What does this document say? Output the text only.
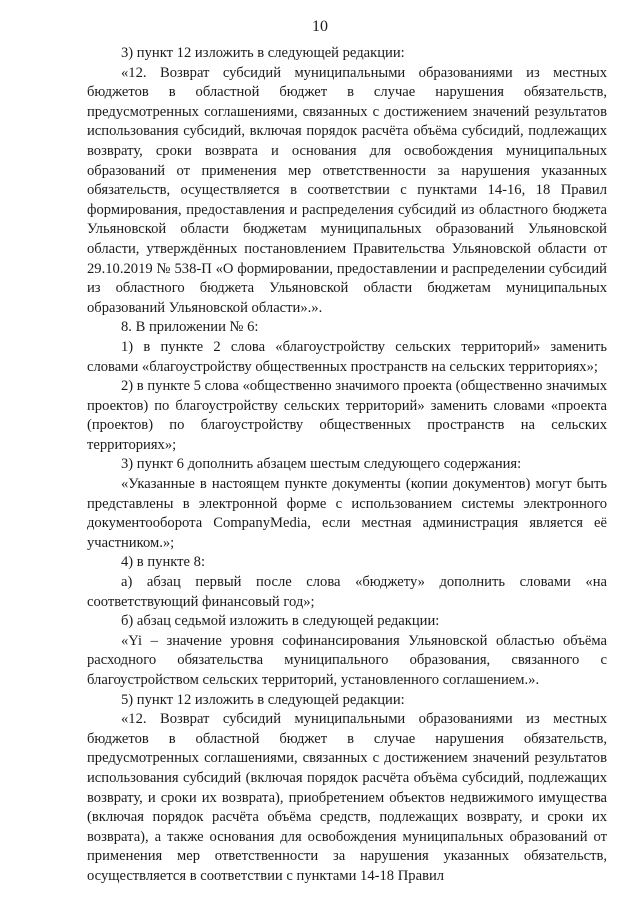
10

3) пункт 12 изложить в следующей редакции:

«12. Возврат субсидий муниципальными образованиями из местных бюджетов в областной бюджет в случае нарушения обязательств, предусмотренных соглашениями, связанных с достижением значений результатов использования субсидий, включая порядок расчёта объёма субсидий, подлежащих возврату, сроки возврата и основания для освобождения муниципальных образований от применения мер ответственности за нарушения указанных обязательств, осуществляется в соответствии с пунктами 14-16, 18 Правил формирования, предоставления и распределения субсидий из областного бюджета Ульяновской области бюджетам муниципальных образований Ульяновской области, утверждённых постановлением Правительства Ульяновской области от 29.10.2019 № 538-П «О формировании, предоставлении и распределении субсидий из областного бюджета Ульяновской области бюджетам муниципальных образований Ульяновской области».».

8. В приложении № 6:

1) в пункте 2 слова «благоустройству сельских территорий» заменить словами «благоустройству общественных пространств на сельских территориях»;

2) в пункте 5 слова «общественно значимого проекта (общественно значимых проектов) по благоустройству сельских территорий» заменить словами «проекта (проектов) по благоустройству общественных пространств на сельских территориях»;

3) пункт 6 дополнить абзацем шестым следующего содержания:

«Указанные в настоящем пункте документы (копии документов) могут быть представлены в электронной форме с использованием системы электронного документооборота CompanyMedia, если местная администрация является её участником.»;

4) в пункте 8:

а) абзац первый после слова «бюджету» дополнить словами «на соответствующий финансовый год»;

б) абзац седьмой изложить в следующей редакции:

«Yi – значение уровня софинансирования Ульяновской областью объёма расходного обязательства муниципального образования, связанного с благоустройством сельских территорий, установленного соглашением.».

5) пункт 12 изложить в следующей редакции:

«12. Возврат субсидий муниципальными образованиями из местных бюджетов в областной бюджет в случае нарушения обязательств, предусмотренных соглашениями, связанных с достижением значений результатов использования субсидий (включая порядок расчёта объёма субсидий, подлежащих возврату, и сроки их возврата), приобретением объектов недвижимого имущества (включая порядок расчёта объёма средств, подлежащих возврату, и сроки их возврата), а также основания для освобождения муниципальных образований от применения мер ответственности за нарушения указанных обязательств, осуществляется в соответствии с пунктами 14-18 Правил
